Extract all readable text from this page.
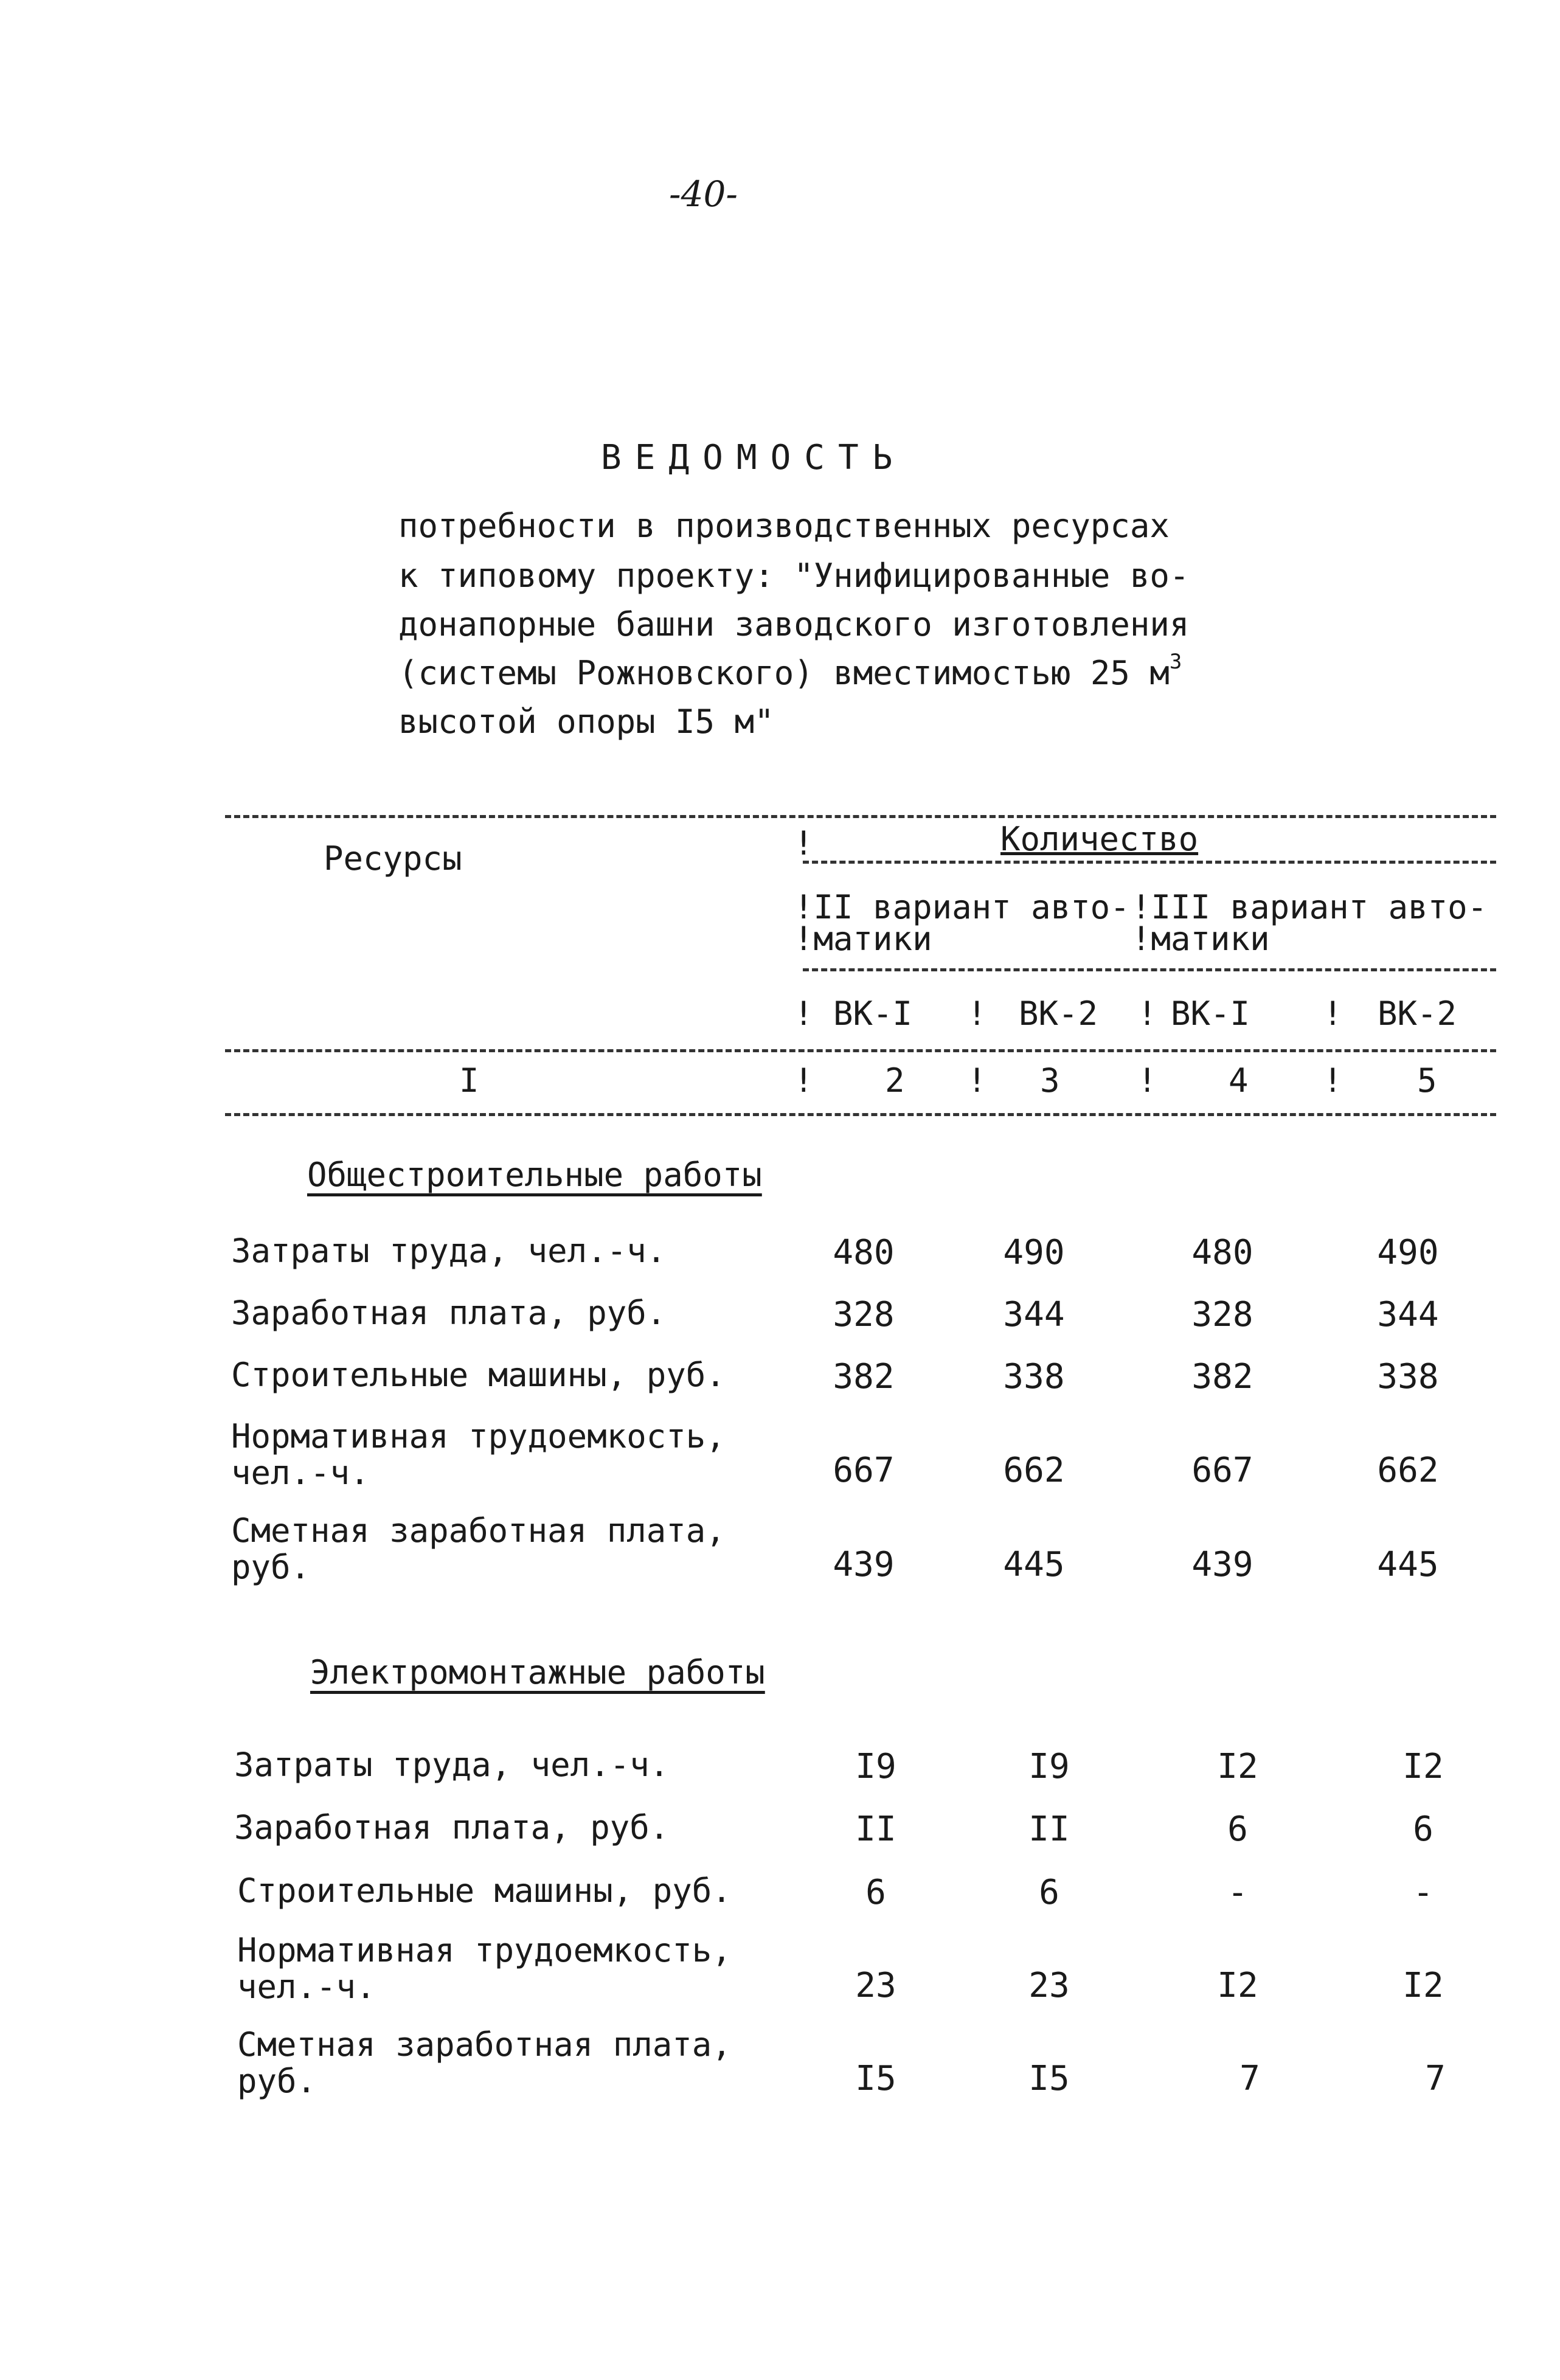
-40-
ВЕДОМОСТЬ
потребности в производственных ресурсах
к типовому проекту: "Унифицированные во-
донапорные башни заводского изготовления
(системы Рожновского) вместимостью 25 $м^3$
высотой опоры I5 м"
Ресурсы	!	Количество
!II вариант авто-
!матики
!III вариант авто-
!матики
! ВК-I ! ВК-2 ! ВК-I ! ВК-2
I	! 2 ! 3 ! 4 ! 5
Общестроительные работы
Затраты труда, чел.-ч.	480	490	480	490
Заработная плата, руб.	328	344	328	344
Строительные машины, руб.	382	338	382	338
Нормативная трудоемкость,
чел.-ч.	667	662	667	662
Сметная заработная плата,
руб.	439	445	439	445
Электромонтажные работы
Затраты труда, чел.-ч.	I9	I9	I2	I2
Заработная плата, руб.	II	II	6	6
Строительные машины, руб.	6	6	-	-
Нормативная трудоемкость,
чел.-ч.	23	23	I2	I2
Сметная заработная плата,
руб.	I5	I5	7	7
